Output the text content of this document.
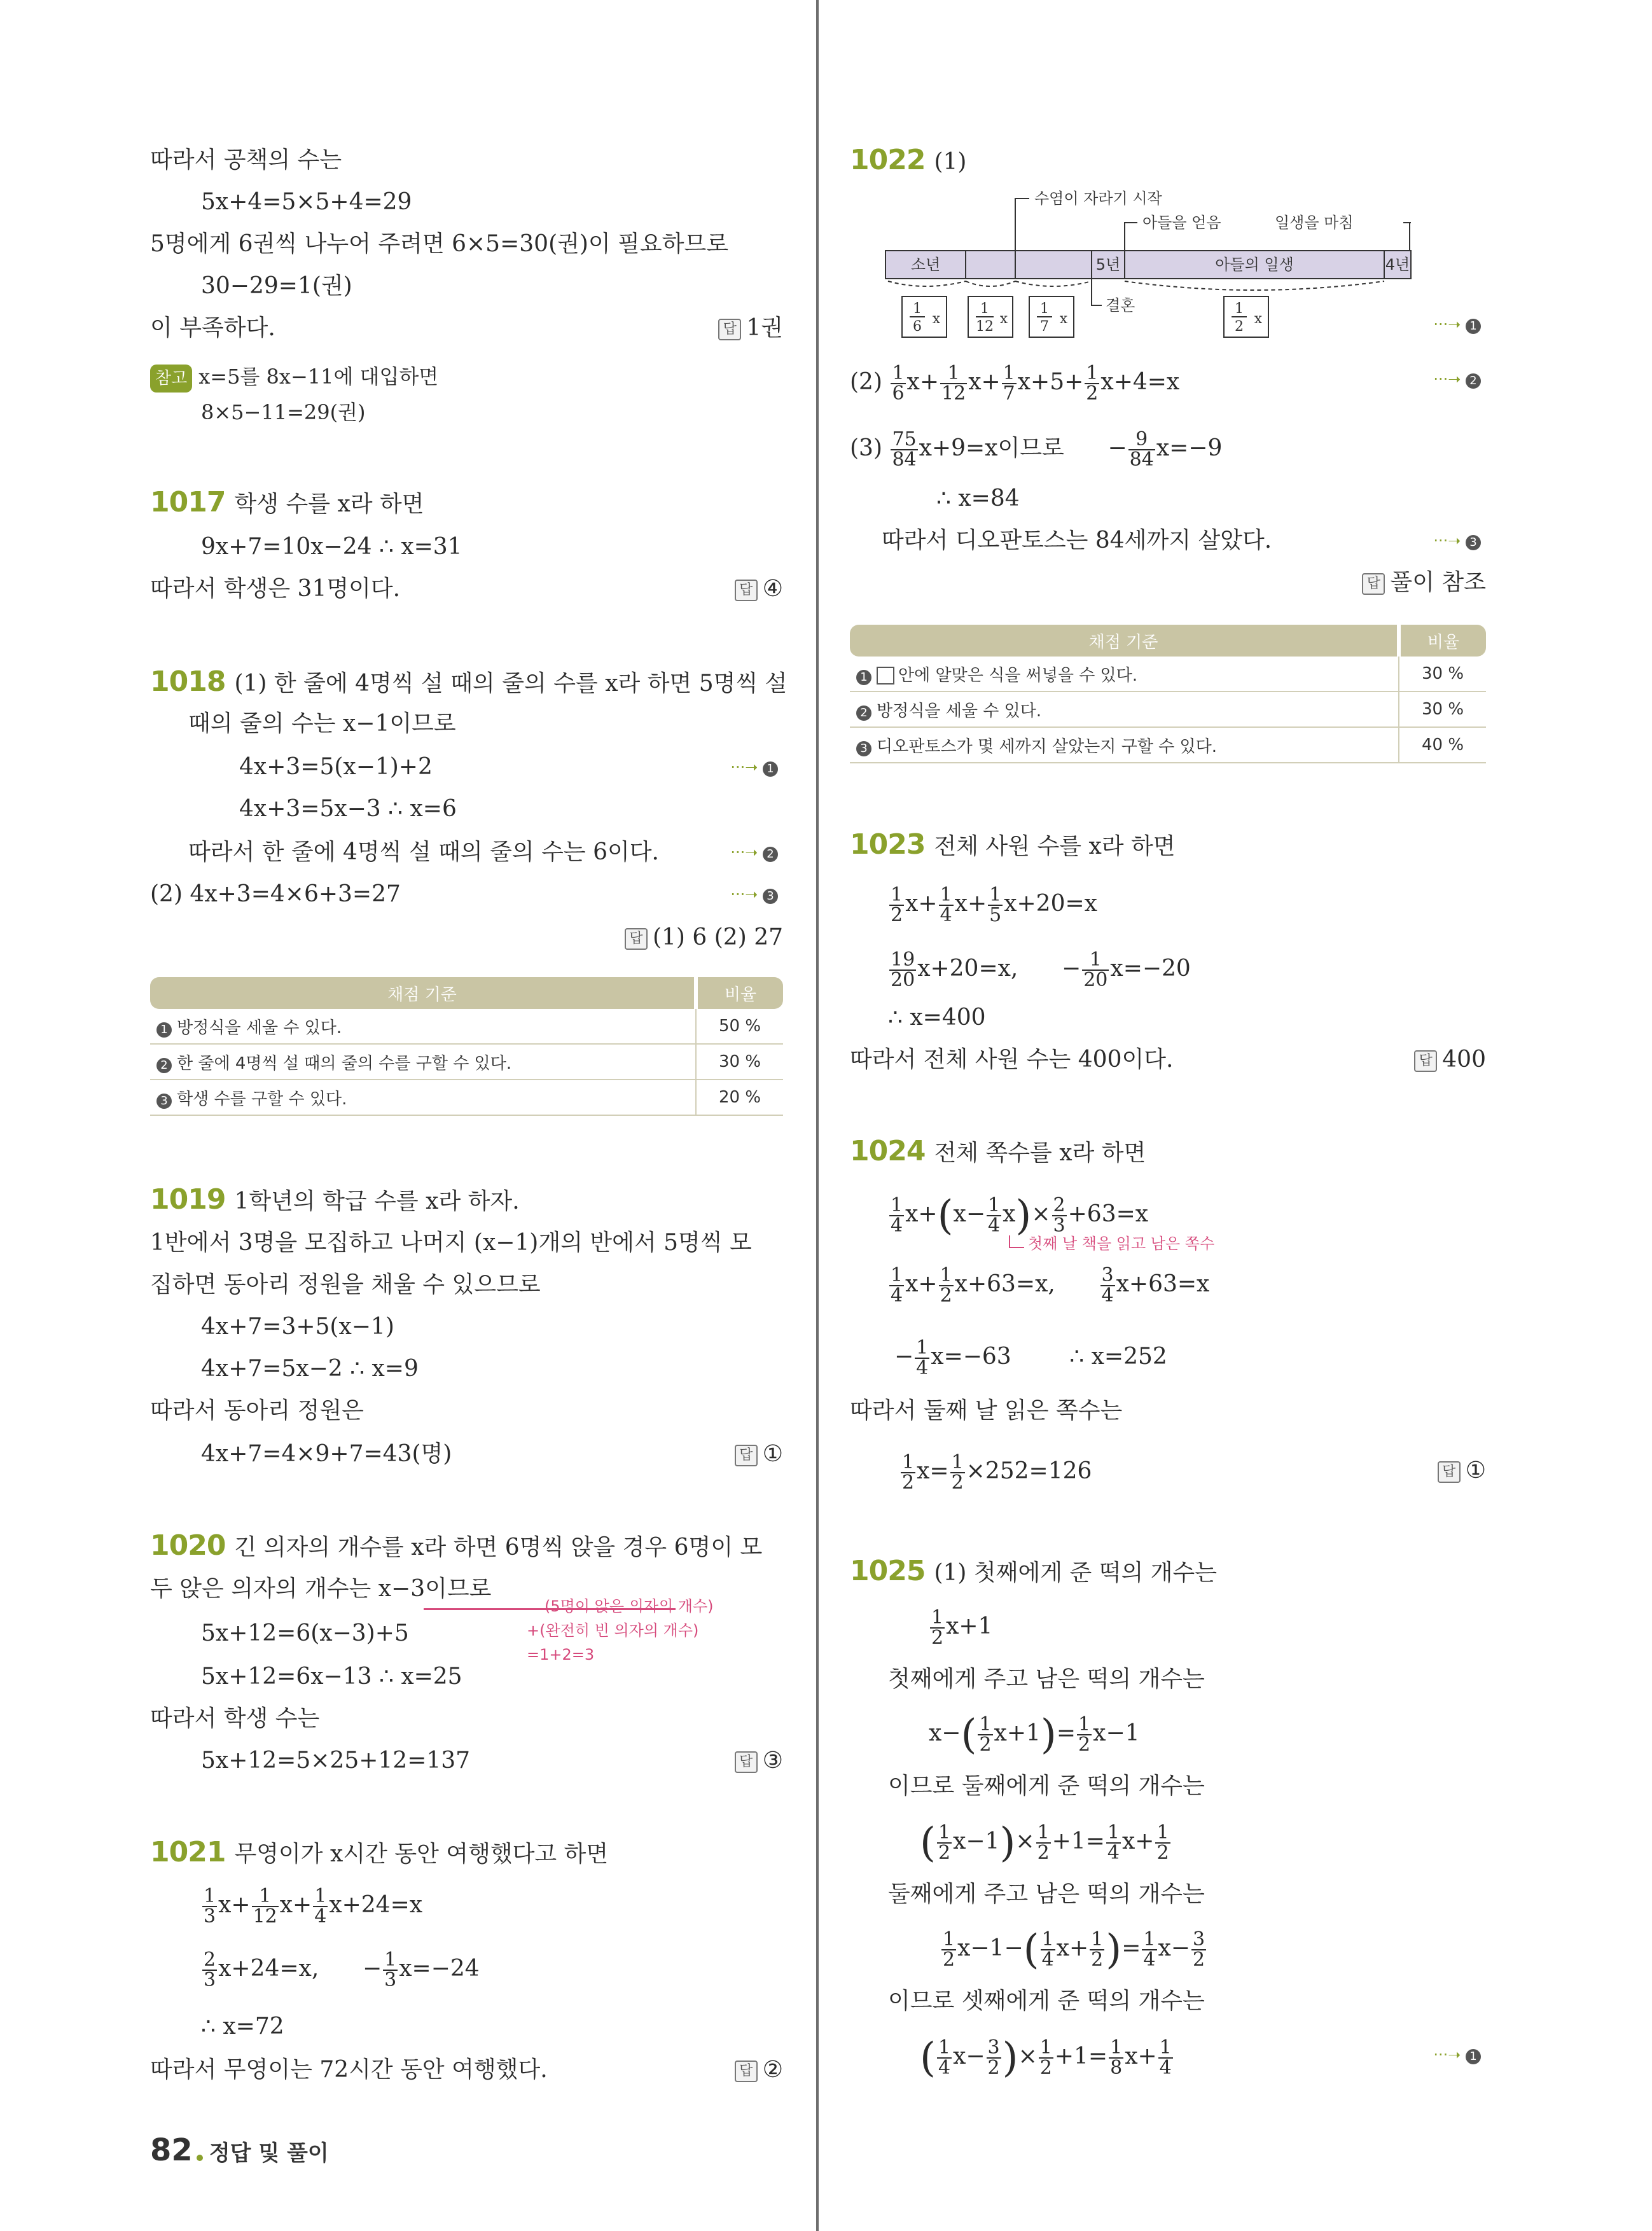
따라서 공책의 수는
5x+4=5×5+4=29
5명에게 6권씩 나누어 주려면 6×5=30(권)이 필요하므로
30−29=1(권)
이 부족하다.	답 1권
참고 x=5를 8x−11에 대입하면
8×5−11=29(권)
1017 학생 수를 x라 하면
9x+7=10x−24 ∴ x=31
따라서 학생은 31명이다.	답 ④
1018 (1) 한 줄에 4명씩 설 때의 줄의 수를 x라 하면 5명씩 설
때의 줄의 수는 x−1이므로
4x+3=5(x−1)+2	···➝ 1
4x+3=5x−3 ∴ x=6
따라서 한 줄에 4명씩 설 때의 줄의 수는 6이다.	···➝ 2
(2) 4x+3=4×6+3=27	···➝ 3
답 (1) 6 (2) 27
채점 기준	비율
1 방정식을 세울 수 있다.	50 %
2 한 줄에 4명씩 설 때의 줄의 수를 구할 수 있다.	30 %
3 학생 수를 구할 수 있다.	20 %
1019 1학년의 학급 수를 x라 하자.
1반에서 3명을 모집하고 나머지 (x−1)개의 반에서 5명씩 모
집하면 동아리 정원을 채울 수 있으므로
4x+7=3+5(x−1)
4x+7=5x−2 ∴ x=9
따라서 동아리 정원은
4x+7=4×9+7=43(명)	답 ①
1020 긴 의자의 개수를 x라 하면 6명씩 앉을 경우 6명이 모
두 앉은 의자의 개수는 x−3이므로
(5명이 앉은 의자의 개수)
+(완전히 빈 의자의 개수)
=1+2=3
5x+12=6(x−3)+5
5x+12=6x−13 ∴ x=25
따라서 학생 수는
5x+12=5×25+12=137	답 ③
1021 무영이가 x시간 동안 여행했다고 하면
$\frac{1}{3} x+ \frac{1}{12} x+ \frac{1}{4} x+24=x$
$\frac{2}{3} x+24=x$,      − $\frac{1}{3} x=-24$
∴ x=72
따라서 무영이는 72시간 동안 여행했다.	답 ②
1022 (1)
수염이 자라기 시작
아들을 얻음	일생을 마침
소년	5년	아들의 일생	4년
1
6 x
1
12 x
1
7 x
1
2 x
결혼
···➝ 1
$(2) \frac{1}{6} x+ \frac{1}{12} x+ \frac{1}{7} x+5+ \frac{1}{2} x+4=x$	···➝ 2
$(3) \frac{75}{84} x+9=x$이므로      − $\frac{9}{84} x=-9$
∴ x=84
따라서 디오판토스는 84세까지 살았다.	···➝ 3
답 풀이 참조
채점 기준	비율
1 안에 알맞은 식을 써넣을 수 있다.	30 %
2 방정식을 세울 수 있다.	30 %
3 디오판토스가 몇 세까지 살았는지 구할 수 있다.	40 %
1023 전체 사원 수를 x라 하면
$\frac{1}{2} x+ \frac{1}{4} x+ \frac{1}{5} x+20=x$
$\frac{19}{20} x+20=x$,      − $\frac{1}{20} x=-20$
∴ x=400
따라서 전체 사원 수는 400이다.	답 400
1024 전체 쪽수를 x라 하면
$\frac{1}{4} x+(x- \frac{1}{4} x)\times \frac{2}{3} +63=x$
첫째 날 책을 읽고 남은 쪽수
$\frac{1}{4} x+ \frac{1}{2} x+63=x$, $\frac{3}{4} x+63=x$
− $\frac{1}{4} x=-63$        ∴ x=252
따라서 둘째 날 읽은 쪽수는
$\frac{1}{2} x= \frac{1}{2} \times 252=126$	답 ①
1025 (1) 첫째에게 준 떡의 개수는
$\frac{1}{2} x+1$
첫째에게 주고 남은 떡의 개수는
$x-( \frac{1}{2} x+1)= \frac{1}{2} x-1$
이므로 둘째에게 준 떡의 개수는
( $\frac{1}{2} x-1)\times \frac{1}{2} +1= \frac{1}{4} x+ \frac{1}{2}$
둘째에게 주고 남은 떡의 개수는
$\frac{1}{2} x-1-( \frac{1}{4} x+ \frac{1}{2}$ )= $\frac{1}{4} x- \frac{3}{2}$
이므로 셋째에게 준 떡의 개수는
( $\frac{1}{4} x- \frac{3}{2}$ )× $\frac{1}{2} +1= \frac{1}{8} x+ \frac{1}{4}$	···➝ 1
82 정답 및 풀이
